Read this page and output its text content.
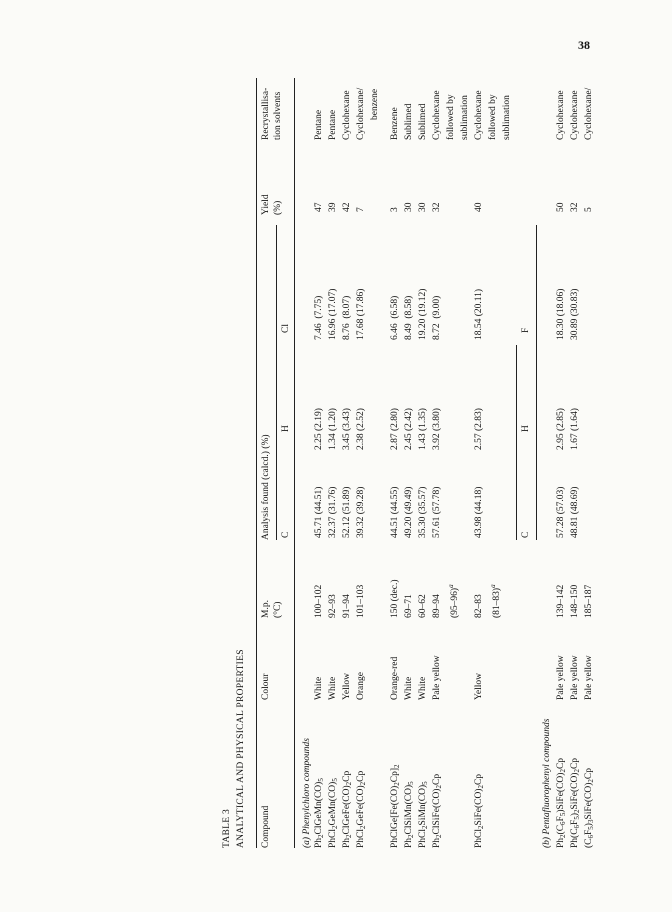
38
TABLE 3 ANALYTICAL AND PHYSICAL PROPERTIES Compound
Colour
M.p. (°C)
Analysis found (calcd.) (%) C
H
Cl
Yield (%)
Recrystallisa- tion solvents
(a) Phenylchloro compounds $Ph_2ClGeMn(CO)_5$
White
100–102
45.71 (44.51)
2.25 (2.19)
7.46  (7.75)
47
Pentane
$PhCl_2GeMn(CO)_5$
White
92–93
32.37 (31.76)
1.34 (1.20)
16.96 (17.07)
39
Pentane
$Ph_2ClGeFe(CO)_2Cp$
Yellow
91–94
52.12 (51.89)
3.45 (3.43)
8.76  (8.07)
42
Cyclohexane
$PhCl_2GeFe(CO)_2Cp$
Orange
101–103
39.32 (39.28)
2.38 (2.52)
17.68 (17.86)
7
Cyclohexane/ benzene
$PhClGe[Fe(CO)_2Cp]_2$
Orange-red
150 (dec.)
44.51 (44.55)
2.87 (2.80)
6.46  (6.58)
3
Benzene
$Ph_2ClSiMn(CO)_5$
White
69–71
49.20 (49.49)
2.45 (2.42)
8.49  (8.58)
30
Sublimed
$PhCl_2SiMn(CO)_5$
White
60–62
35.30 (35.57)
1.43 (1.35)
19.20 (19.12)
30
Sublimed
$Ph_2ClSiFe(CO)_2Cp$
Pale yellow
89–94 $(95-96)^a$
57.61 (57.78)
3.92 (3.80)
8.72  (9.00)
32
Cyclohexane followed by sublimation
$PhCl_2SiFe(CO)_2Cp$
Yellow
82–83 $(81-83)^a$
43.98 (44.18)
2.57 (2.83)
18.54 (20.11)
40
Cyclohexane followed by sublimation
C
H
F
(b) Pentafluorophenyl compounds $Ph_2(C_6F_5)SiFe(CO)_2Cp$
Pale yellow
139–142
57.28 (57.03)
2.95 (2.85)
18.30 (18.06)
50
Cyclohexane
$Ph(C_6F_5)_2SiFe(CO)_2Cp$
Pale yellow
148–150
48.81 (48.69)
1.67 (1.64)
30.89 (30.83)
32
Cyclohexane
$(C_6F_5)_3SiFe(CO)_2Cp$
Pale yellow
185–187
5
Cyclohexane/
